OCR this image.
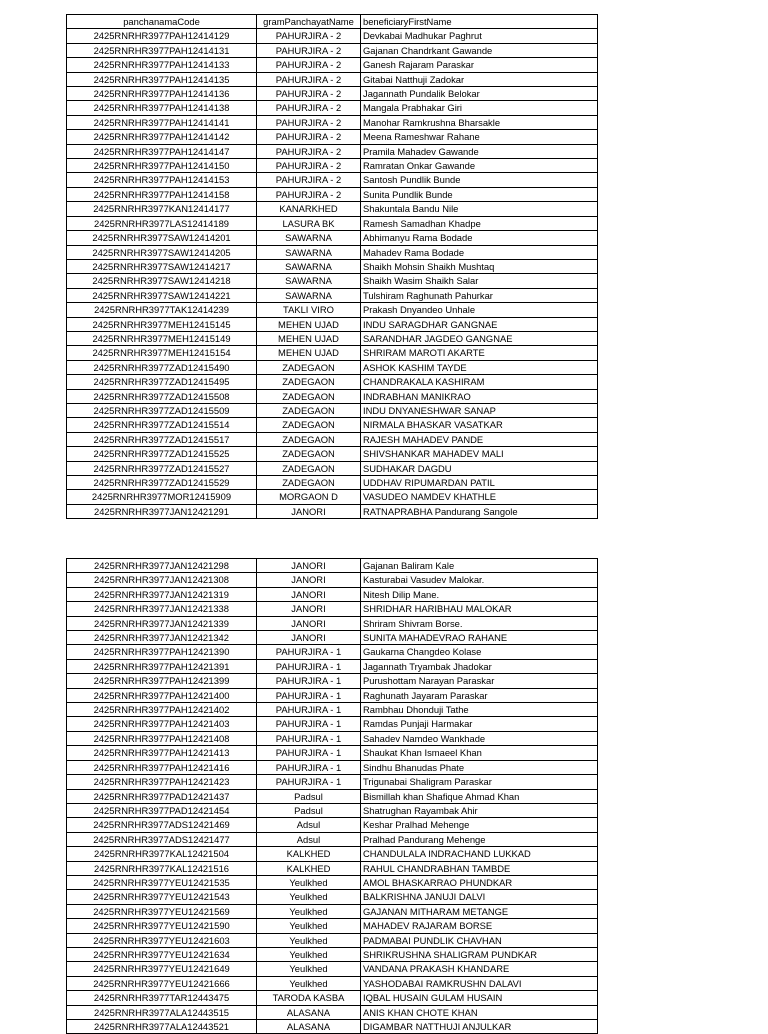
panchanamaCode	gramPanchayatName	beneficiaryFirstName
2425RNRHR3977PAH12414129	PAHURJIRA - 2	Devkabai Madhukar Paghrut
2425RNRHR3977PAH12414131	PAHURJIRA - 2	Gajanan Chandrkant Gawande
2425RNRHR3977PAH12414133	PAHURJIRA - 2	Ganesh Rajaram Paraskar
2425RNRHR3977PAH12414135	PAHURJIRA - 2	Gitabai Natthuji Zadokar
2425RNRHR3977PAH12414136	PAHURJIRA - 2	Jagannath Pundalik Belokar
2425RNRHR3977PAH12414138	PAHURJIRA - 2	Mangala Prabhakar Giri
2425RNRHR3977PAH12414141	PAHURJIRA - 2	Manohar Ramkrushna Bharsakle
2425RNRHR3977PAH12414142	PAHURJIRA - 2	Meena Rameshwar Rahane
2425RNRHR3977PAH12414147	PAHURJIRA - 2	Pramila Mahadev Gawande
2425RNRHR3977PAH12414150	PAHURJIRA - 2	Ramratan Onkar Gawande
2425RNRHR3977PAH12414153	PAHURJIRA - 2	Santosh Pundlik Bunde
2425RNRHR3977PAH12414158	PAHURJIRA - 2	Sunita Pundlik Bunde
2425RNRHR3977KAN12414177	KANARKHED	Shakuntala Bandu Nile
2425RNRHR3977LAS12414189	LASURA BK	Ramesh Samadhan Khadpe
2425RNRHR3977SAW12414201	SAWARNA	Abhimanyu Rama Bodade
2425RNRHR3977SAW12414205	SAWARNA	Mahadev Rama Bodade
2425RNRHR3977SAW12414217	SAWARNA	Shaikh Mohsin Shaikh Mushtaq
2425RNRHR3977SAW12414218	SAWARNA	Shaikh Wasim Shaikh Salar
2425RNRHR3977SAW12414221	SAWARNA	Tulshiram Raghunath Pahurkar
2425RNRHR3977TAK12414239	TAKLI VIRO	Prakash Dnyandeo Unhale
2425RNRHR3977MEH12415145	MEHEN UJAD	INDU SARAGDHAR GANGNAE
2425RNRHR3977MEH12415149	MEHEN UJAD	SARANDHAR JAGDEO GANGNAE
2425RNRHR3977MEH12415154	MEHEN UJAD	SHRIRAM MAROTI AKARTE
2425RNRHR3977ZAD12415490	ZADEGAON	ASHOK KASHIM TAYDE
2425RNRHR3977ZAD12415495	ZADEGAON	CHANDRAKALA KASHIRAM
2425RNRHR3977ZAD12415508	ZADEGAON	INDRABHAN MANIKRAO
2425RNRHR3977ZAD12415509	ZADEGAON	INDU DNYANESHWAR SANAP
2425RNRHR3977ZAD12415514	ZADEGAON	NIRMALA BHASKAR VASATKAR
2425RNRHR3977ZAD12415517	ZADEGAON	RAJESH MAHADEV PANDE
2425RNRHR3977ZAD12415525	ZADEGAON	SHIVSHANKAR MAHADEV MALI
2425RNRHR3977ZAD12415527	ZADEGAON	SUDHAKAR DAGDU
2425RNRHR3977ZAD12415529	ZADEGAON	UDDHAV RIPUMARDAN PATIL
2425RNRHR3977MOR12415909	MORGAON D	VASUDEO NAMDEV KHATHLE
2425RNRHR3977JAN12421291	JANORI	RATNAPRABHA Pandurang Sangole
2425RNRHR3977JAN12421298	JANORI	Gajanan Baliram Kale
2425RNRHR3977JAN12421308	JANORI	Kasturabai Vasudev Malokar.
2425RNRHR3977JAN12421319	JANORI	Nitesh Dilip Mane.
2425RNRHR3977JAN12421338	JANORI	SHRIDHAR HARIBHAU MALOKAR
2425RNRHR3977JAN12421339	JANORI	Shriram Shivram Borse.
2425RNRHR3977JAN12421342	JANORI	SUNITA MAHADEVRAO RAHANE
2425RNRHR3977PAH12421390	PAHURJIRA - 1	Gaukarna Changdeo Kolase
2425RNRHR3977PAH12421391	PAHURJIRA - 1	Jagannath Tryambak Jhadokar
2425RNRHR3977PAH12421399	PAHURJIRA - 1	Purushottam Narayan Paraskar
2425RNRHR3977PAH12421400	PAHURJIRA - 1	Raghunath Jayaram Paraskar
2425RNRHR3977PAH12421402	PAHURJIRA - 1	Rambhau Dhonduji Tathe
2425RNRHR3977PAH12421403	PAHURJIRA - 1	Ramdas Punjaji Harmakar
2425RNRHR3977PAH12421408	PAHURJIRA - 1	Sahadev Namdeo Wankhade
2425RNRHR3977PAH12421413	PAHURJIRA - 1	Shaukat Khan Ismaeel Khan
2425RNRHR3977PAH12421416	PAHURJIRA - 1	Sindhu Bhanudas Phate
2425RNRHR3977PAH12421423	PAHURJIRA - 1	Trigunabai Shaligram Paraskar
2425RNRHR3977PAD12421437	Padsul	Bismillah khan Shafique Ahmad Khan
2425RNRHR3977PAD12421454	Padsul	Shatrughan Rayambak Ahir
2425RNRHR3977ADS12421469	Adsul	Keshar Pralhad Mehenge
2425RNRHR3977ADS12421477	Adsul	Pralhad Pandurang Mehenge
2425RNRHR3977KAL12421504	KALKHED	CHANDULALA INDRACHAND LUKKAD
2425RNRHR3977KAL12421516	KALKHED	RAHUL CHANDRABHAN TAMBDE
2425RNRHR3977YEU12421535	Yeulkhed	AMOL BHASKARRAO PHUNDKAR
2425RNRHR3977YEU12421543	Yeulkhed	BALKRISHNA JANUJI DALVI
2425RNRHR3977YEU12421569	Yeulkhed	GAJANAN MITHARAM METANGE
2425RNRHR3977YEU12421590	Yeulkhed	MAHADEV RAJARAM BORSE
2425RNRHR3977YEU12421603	Yeulkhed	PADMABAI PUNDLIK CHAVHAN
2425RNRHR3977YEU12421634	Yeulkhed	SHRIKRUSHNA SHALIGRAM PUNDKAR
2425RNRHR3977YEU12421649	Yeulkhed	VANDANA PRAKASH KHANDARE
2425RNRHR3977YEU12421666	Yeulkhed	YASHODABAI RAMKRUSHN DALAVI
2425RNRHR3977TAR12443475	TARODA KASBA	IQBAL HUSAIN GULAM HUSAIN
2425RNRHR3977ALA12443515	ALASANA	ANIS KHAN CHOTE KHAN
2425RNRHR3977ALA12443521	ALASANA	DIGAMBAR NATTHUJI ANJULKAR
